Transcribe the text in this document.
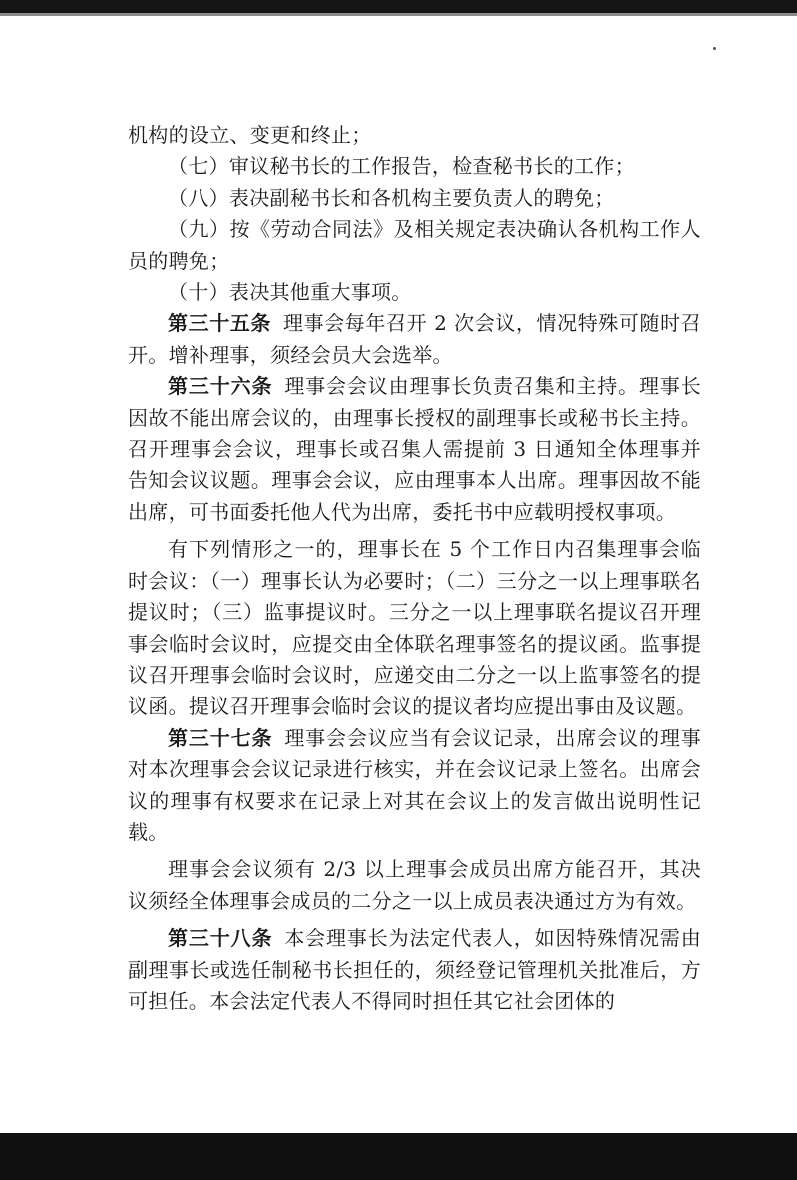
机构的设立、变更和终止；

（七）审议秘书长的工作报告，检查秘书长的工作；

（八）表决副秘书长和各机构主要负责人的聘免；

（九）按《劳动合同法》及相关规定表决确认各机构工作人员的聘免；

（十）表决其他重大事项。

第三十五条 理事会每年召开 2 次会议，情况特殊可随时召开。增补理事，须经会员大会选举。

第三十六条 理事会会议由理事长负责召集和主持。理事长因故不能出席会议的，由理事长授权的副理事长或秘书长主持。召开理事会会议，理事长或召集人需提前 3 日通知全体理事并告知会议议题。理事会会议，应由理事本人出席。理事因故不能出席，可书面委托他人代为出席，委托书中应载明授权事项。

有下列情形之一的，理事长在 5 个工作日内召集理事会临时会议：（一）理事长认为必要时；（二）三分之一以上理事联名提议时；（三）监事提议时。三分之一以上理事联名提议召开理事会临时会议时，应提交由全体联名理事签名的提议函。监事提议召开理事会临时会议时，应递交由二分之一以上监事签名的提议函。提议召开理事会临时会议的提议者均应提出事由及议题。

第三十七条 理事会会议应当有会议记录，出席会议的理事对本次理事会会议记录进行核实，并在会议记录上签名。出席会议的理事有权要求在记录上对其在会议上的发言做出说明性记载。

理事会会议须有 2/3 以上理事会成员出席方能召开，其决议须经全体理事会成员的二分之一以上成员表决通过方为有效。

第三十八条 本会理事长为法定代表人，如因特殊情况需由副理事长或选任制秘书长担任的，须经登记管理机关批准后，方可担任。本会法定代表人不得同时担任其它社会团体的
